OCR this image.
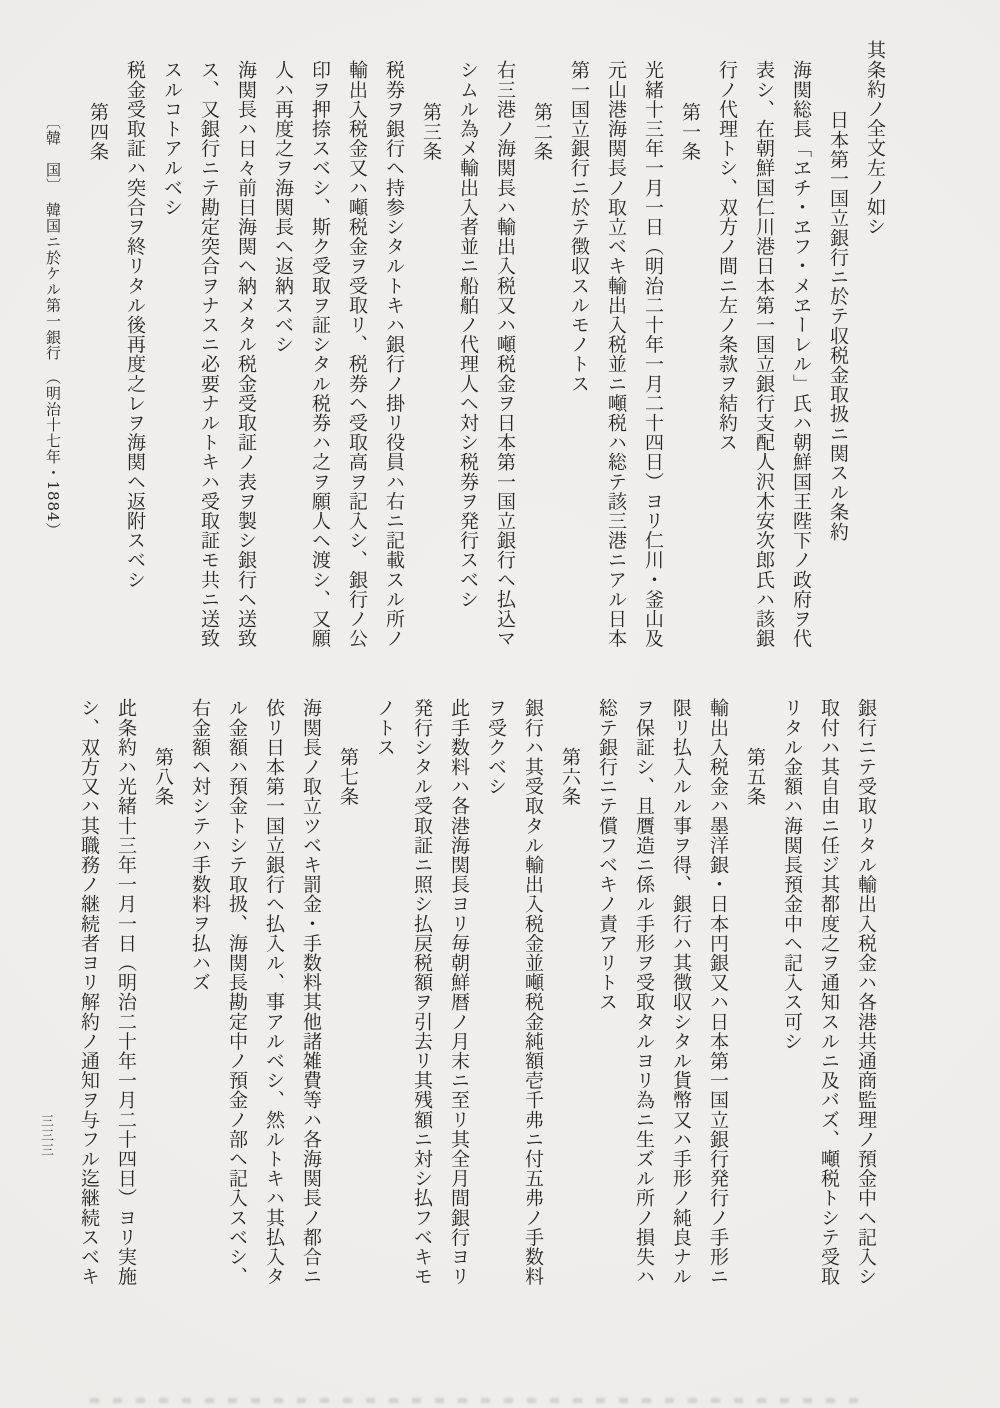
其条約ノ全文左ノ如シ
日本第一国立銀行ニ於テ収税金取扱ニ関スル条約
海関総長「ヱチ・ヱフ・メヱーレル」氏ハ朝鮮国王陛下ノ政府ヲ代
表シ、在朝鮮国仁川港日本第一国立銀行支配人沢木安次郎氏ハ該銀
行ノ代理トシ、双方ノ間ニ左ノ条款ヲ結約ス
第一条
光緒十三年一月一日（明治二十年一月二十四日）ヨリ仁川・釜山及
元山港海関長ノ取立ベキ輸出入税並ニ噸税ハ総テ該三港ニアル日本
第一国立銀行ニ於テ徴収スルモノトス
第二条
右三港ノ海関長ハ輸出入税又ハ噸税金ヲ日本第一国立銀行ヘ払込マ
シムル為メ輸出入者並ニ船舶ノ代理人ヘ対シ税券ヲ発行スベシ
第三条
税券ヲ銀行ヘ持参シタルトキハ銀行ノ掛リ役員ハ右ニ記載スル所ノ
輸出入税金又ハ噸税金ヲ受取リ、税券ヘ受取高ヲ記入シ、銀行ノ公
印ヲ押捺スベシ、斯ク受取ヲ証シタル税券ハ之ヲ願人ヘ渡シ、又願
人ハ再度之ヲ海関長ヘ返納スベシ
海関長ハ日々前日海関ヘ納メタル税金受取証ノ表ヲ製シ銀行ヘ送致
ス、又銀行ニテ勘定突合ヲナスニ必要ナルトキハ受取証モ共ニ送致
スルコトアルベシ
税金受取証ハ突合ヲ終リタル後再度之レヲ海関ヘ返附スベシ
第四条
〔韓　国〕　韓国ニ於ケル第一銀行　（明治十七年・1884）
銀行ニテ受取リタル輸出入税金ハ各港共通商監理ノ預金中ヘ記入シ
取付ハ其自由ニ任ジ其都度之ヲ通知スルニ及バズ、噸税トシテ受取
リタル金額ハ海関長預金中ヘ記入ス可シ
第五条
輸出入税金ハ墨洋銀・日本円銀又ハ日本第一国立銀行発行ノ手形ニ
限リ払入ルル事ヲ得、銀行ハ其徴収シタル貨幣又ハ手形ノ純良ナル
ヲ保証シ、且贋造ニ係ル手形ヲ受取タルヨリ為ニ生ズル所ノ損失ハ
総テ銀行ニテ償フベキノ責アリトス
第六条
銀行ハ其受取タル輸出入税金並噸税金純額壱千弗ニ付五弗ノ手数料
ヲ受クベシ
此手数料ハ各港海関長ヨリ毎朝鮮暦ノ月末ニ至リ其全月間銀行ヨリ
発行シタル受取証ニ照シ払戻税額ヲ引去リ其残額ニ対シ払フベキモ
ノトス
第七条
海関長ノ取立ツベキ罰金・手数料其他諸雑費等ハ各海関長ノ都合ニ
依リ日本第一国立銀行ヘ払入ル、事アルベシ、然ルトキハ其払入タ
ル金額ハ預金トシテ取扱、海関長勘定中ノ預金ノ部ヘ記入スベシ、
右金額ヘ対シテハ手数料ヲ払ハズ
第八条
此条約ハ光緒十三年一月一日（明治二十年一月二十四日）ヨリ実施
シ、双方又ハ其職務ノ継続者ヨリ解約ノ通知ヲ与フル迄継続スベキ
三三三
